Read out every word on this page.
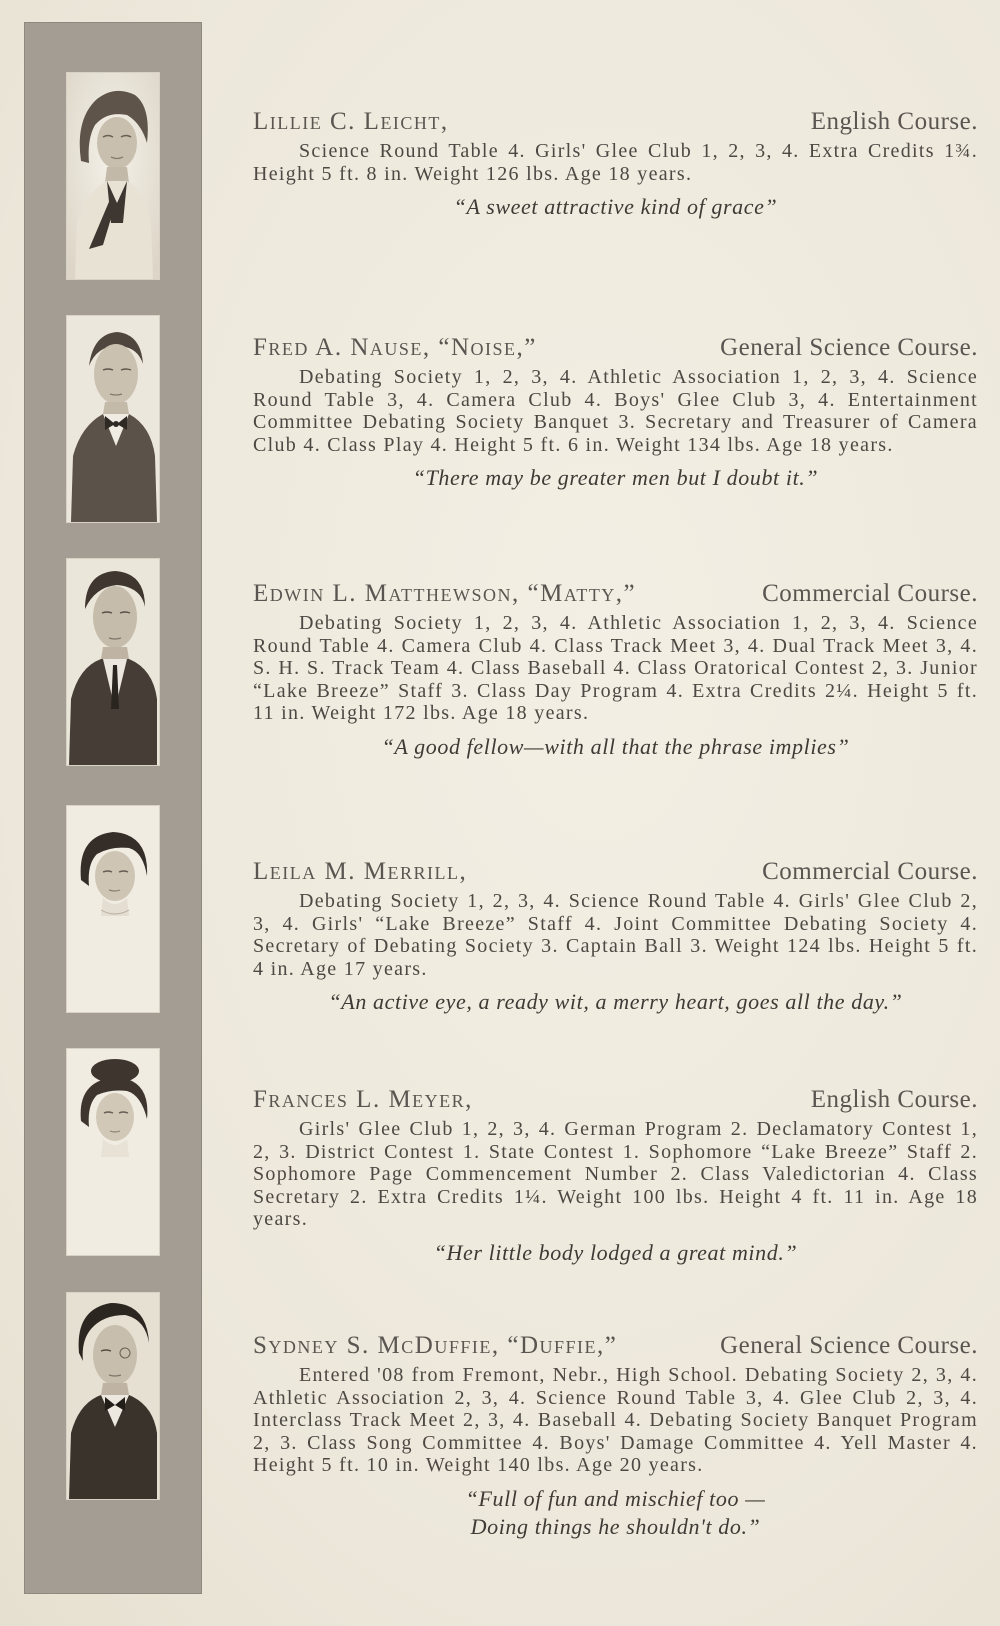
Lillie C. Leicht,	English Course.
Science Round Table 4. Girls' Glee Club 1, 2, 3, 4. Extra Credits 1¾. Height 5 ft. 8 in. Weight 126 lbs. Age 18 years.
“A sweet attractive kind of grace”
Fred A. Nause, “Noise,”	General Science Course.
Debating Society 1, 2, 3, 4. Athletic Association 1, 2, 3, 4. Science Round Table 3, 4. Camera Club 4. Boys' Glee Club 3, 4. Entertainment Committee Debating Society Banquet 3. Secretary and Treasurer of Camera Club 4. Class Play 4. Height 5 ft. 6 in. Weight 134 lbs. Age 18 years.
“There may be greater men but I doubt it.”
Edwin L. Matthewson, “Matty,”	Commercial Course.
Debating Society 1, 2, 3, 4. Athletic Association 1, 2, 3, 4. Science Round Table 4. Camera Club 4. Class Track Meet 3, 4. Dual Track Meet 3, 4. S. H. S. Track Team 4. Class Baseball 4. Class Oratorical Contest 2, 3. Junior “Lake Breeze” Staff 3. Class Day Program 4. Extra Credits 2¼. Height 5 ft. 11 in. Weight 172 lbs. Age 18 years.
“A good fellow—with all that the phrase implies”
Leila M. Merrill,	Commercial Course.
Debating Society 1, 2, 3, 4. Science Round Table 4. Girls' Glee Club 2, 3, 4. Girls' “Lake Breeze” Staff 4. Joint Committee Debating Society 4. Secretary of Debating Society 3. Captain Ball 3. Weight 124 lbs. Height 5 ft. 4 in. Age 17 years.
“An active eye, a ready wit, a merry heart, goes all the day.”
Frances L. Meyer,	English Course.
Girls' Glee Club 1, 2, 3, 4. German Program 2. Declamatory Contest 1, 2, 3. District Contest 1. State Contest 1. Sophomore “Lake Breeze” Staff 2. Sophomore Page Commencement Number 2. Class Valedictorian 4. Class Secretary 2. Extra Credits 1¼. Weight 100 lbs. Height 4 ft. 11 in. Age 18 years.
“Her little body lodged a great mind.”
Sydney S. McDuffie, “Duffie,”	General Science Course.
Entered '08 from Fremont, Nebr., High School. Debating Society 2, 3, 4. Athletic Association 2, 3, 4. Science Round Table 3, 4. Glee Club 2, 3, 4. Interclass Track Meet 2, 3, 4. Baseball 4. Debating Society Banquet Program 2, 3. Class Song Committee 4. Boys' Damage Committee 4. Yell Master 4. Height 5 ft. 10 in. Weight 140 lbs. Age 20 years.
“Full of fun and mischief too —
Doing things he shouldn't do.”
